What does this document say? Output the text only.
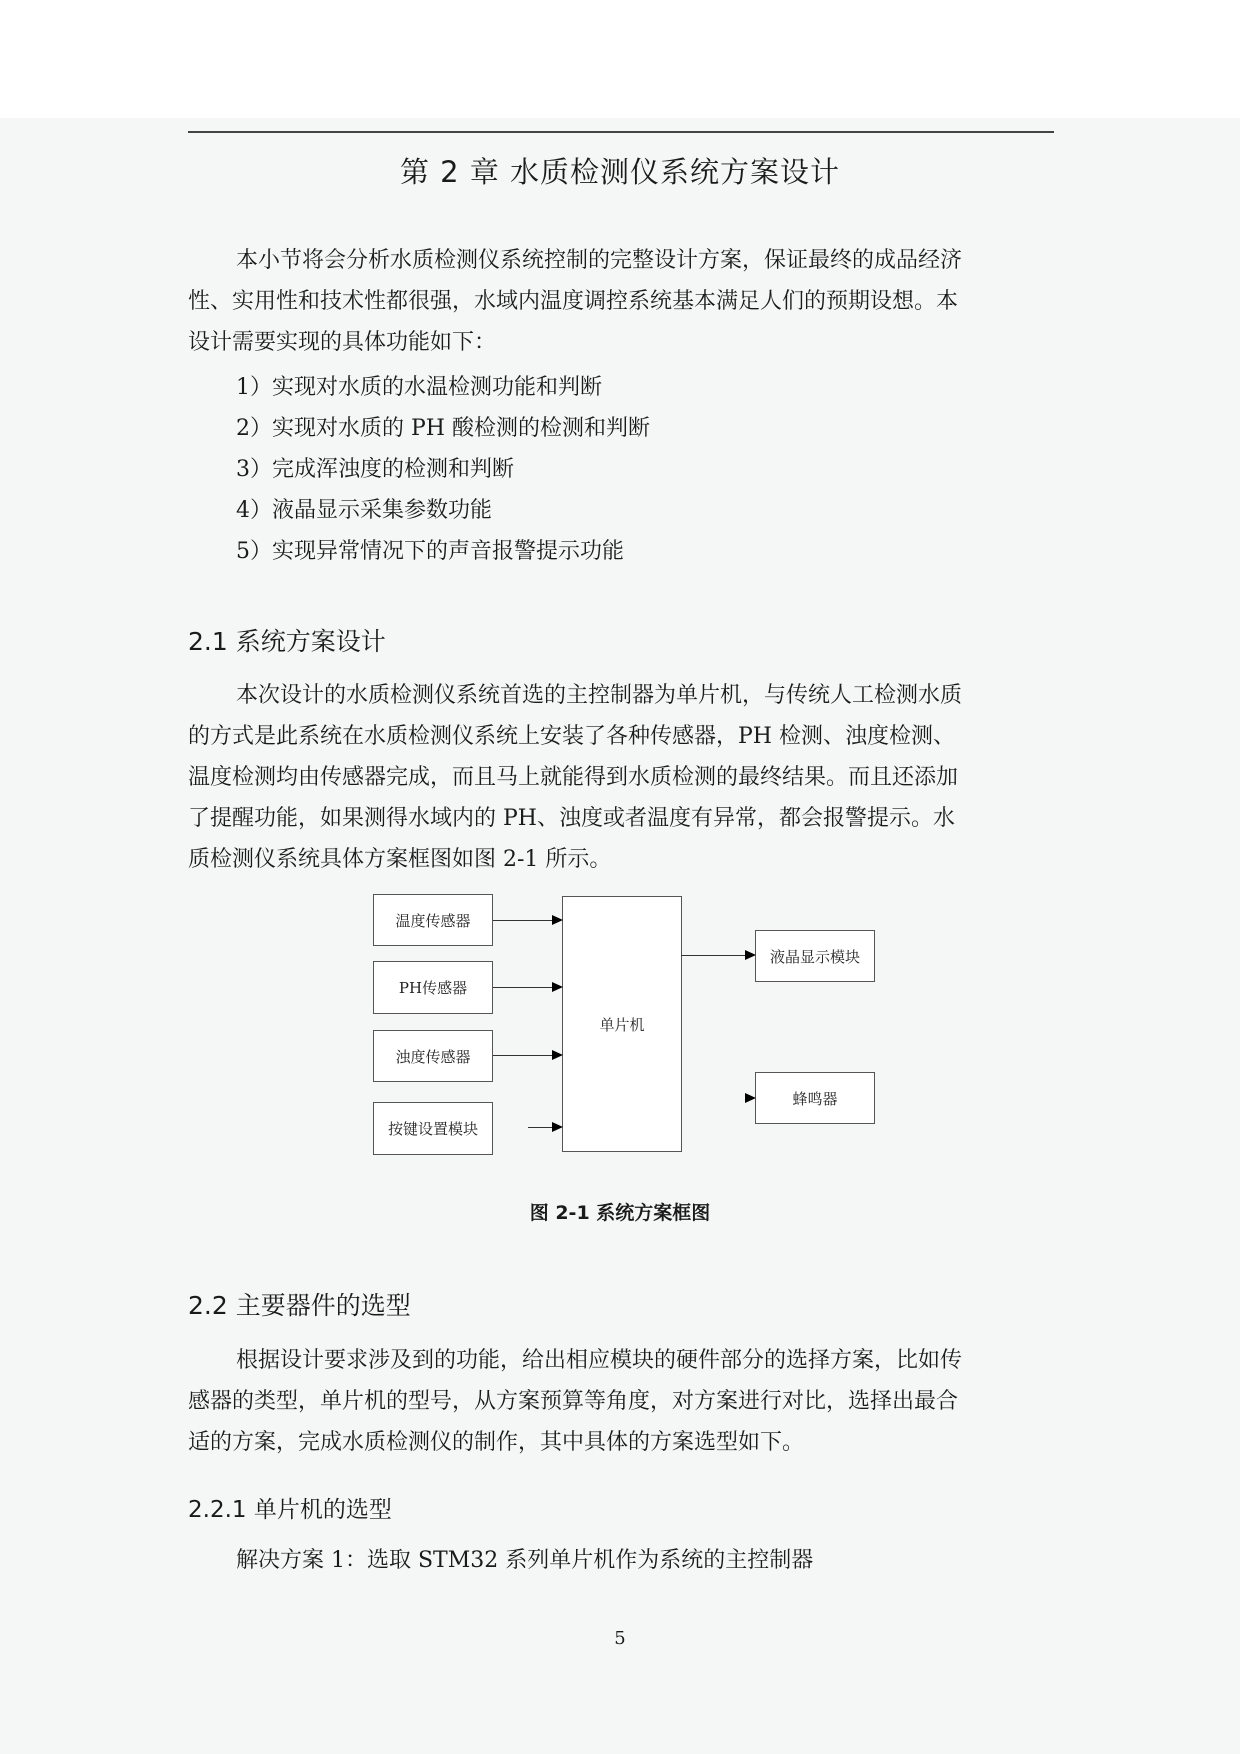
第 2 章 水质检测仪系统方案设计
本小节将会分析水质检测仪系统控制的完整设计方案，保证最终的成品经济
性、实用性和技术性都很强，水域内温度调控系统基本满足人们的预期设想。本
设计需要实现的具体功能如下：
1）实现对水质的水温检测功能和判断
2）实现对水质的 PH 酸检测的检测和判断
3）完成浑浊度的检测和判断
4）液晶显示采集参数功能
5）实现异常情况下的声音报警提示功能
2.1 系统方案设计
本次设计的水质检测仪系统首选的主控制器为单片机，与传统人工检测水质
的方式是此系统在水质检测仪系统上安装了各种传感器，PH 检测、浊度检测、
温度检测均由传感器完成，而且马上就能得到水质检测的最终结果。而且还添加
了提醒功能，如果测得水域内的 PH、浊度或者温度有异常，都会报警提示。水
质检测仪系统具体方案框图如图 2-1 所示。
温度传感器
PH传感器
浊度传感器
按键设置模块
单片机
液晶显示模块
蜂鸣器
图 2-1 系统方案框图
2.2 主要器件的选型
根据设计要求涉及到的功能，给出相应模块的硬件部分的选择方案，比如传
感器的类型，单片机的型号，从方案预算等角度，对方案进行对比，选择出最合
适的方案，完成水质检测仪的制作，其中具体的方案选型如下。
2.2.1 单片机的选型
解决方案 1：选取 STM32 系列单片机作为系统的主控制器
5
